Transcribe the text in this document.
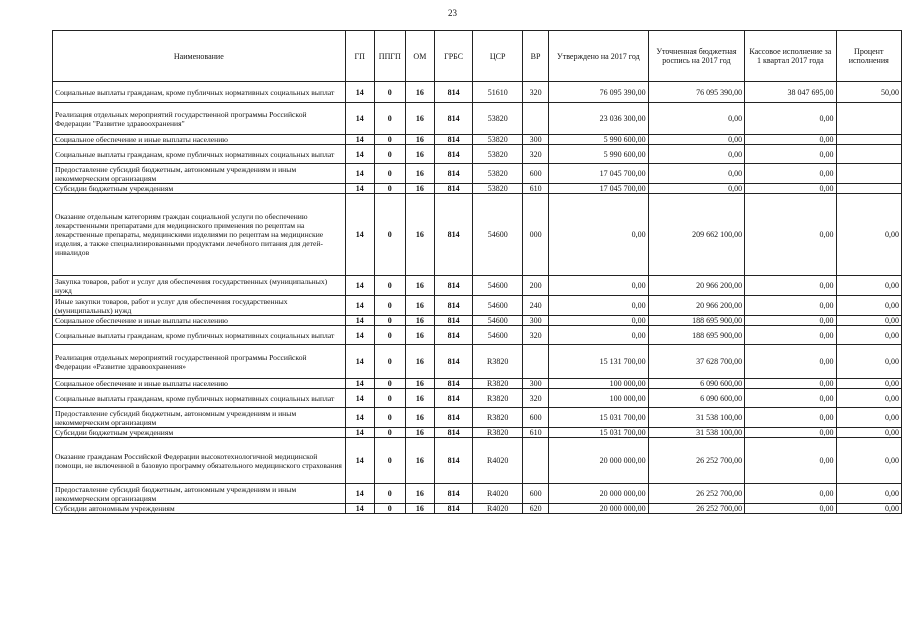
23
Наименование	ГП	ППГП	ОМ	ГРБС	ЦСР	ВР	Утверждено на 2017 год	Уточненная бюджетная роспись на 2017 год	Кассовое исполнение за 1 квартал 2017 года	Процент исполнения
Социальные выплаты гражданам, кроме публичных нормативных социальных выплат	14	0	16	814	51610	320	76 095 390,00	76 095 390,00	38 047 695,00	50,00
Реализация отдельных мероприятий государственной программы Российской Федерации "Развитие здравоохранения"	14	0	16	814	53820		23 036 300,00	0,00	0,00	
Социальное обеспечение и иные выплаты населению	14	0	16	814	53820	300	5 990 600,00	0,00	0,00	
Социальные выплаты гражданам, кроме публичных нормативных социальных выплат	14	0	16	814	53820	320	5 990 600,00	0,00	0,00	
Предоставление субсидий бюджетным, автономным учреждениям и иным некоммерческим организациям	14	0	16	814	53820	600	17 045 700,00	0,00	0,00	
Субсидии бюджетным учреждениям	14	0	16	814	53820	610	17 045 700,00	0,00	0,00	
Оказание отдельным категориям граждан социальной услуги по обеспечению лекарственными препаратами для медицинского применения по рецептам на лекарственные препараты, медицинскими изделиями по рецептам на медицинские изделия, а также специализированными продуктами лечебного питания для детей-инвалидов	14	0	16	814	54600	000	0,00	209 662 100,00	0,00	0,00
Закупка товаров, работ и услуг для обеспечения государственных (муниципальных) нужд	14	0	16	814	54600	200	0,00	20 966 200,00	0,00	0,00
Иные закупки товаров, работ и услуг для обеспечения государственных (муниципальных) нужд	14	0	16	814	54600	240	0,00	20 966 200,00	0,00	0,00
Социальное обеспечение и иные выплаты населению	14	0	16	814	54600	300	0,00	188 695 900,00	0,00	0,00
Социальные выплаты гражданам, кроме публичных нормативных социальных выплат	14	0	16	814	54600	320	0,00	188 695 900,00	0,00	0,00
Реализация отдельных мероприятий государственной программы Российской Федерации «Развитие здравоохранения»	14	0	16	814	R3820		15 131 700,00	37 628 700,00	0,00	0,00
Социальное обеспечение и иные выплаты населению	14	0	16	814	R3820	300	100 000,00	6 090 600,00	0,00	0,00
Социальные выплаты гражданам, кроме публичных нормативных социальных выплат	14	0	16	814	R3820	320	100 000,00	6 090 600,00	0,00	0,00
Предоставление субсидий бюджетным, автономным учреждениям и иным некоммерческим организациям	14	0	16	814	R3820	600	15 031 700,00	31 538 100,00	0,00	0,00
Субсидии бюджетным учреждениям	14	0	16	814	R3820	610	15 031 700,00	31 538 100,00	0,00	0,00
Оказание гражданам Российской Федерации высокотехнологичной медицинской помощи, не включенной в базовую программу обязательного медицинского страхования	14	0	16	814	R4020		20 000 000,00	26 252 700,00	0,00	0,00
Предоставление субсидий бюджетным, автономным учреждениям и иным некоммерческим организациям	14	0	16	814	R4020	600	20 000 000,00	26 252 700,00	0,00	0,00
Субсидии автономным учреждениям	14	0	16	814	R4020	620	20 000 000,00	26 252 700,00	0,00	0,00
